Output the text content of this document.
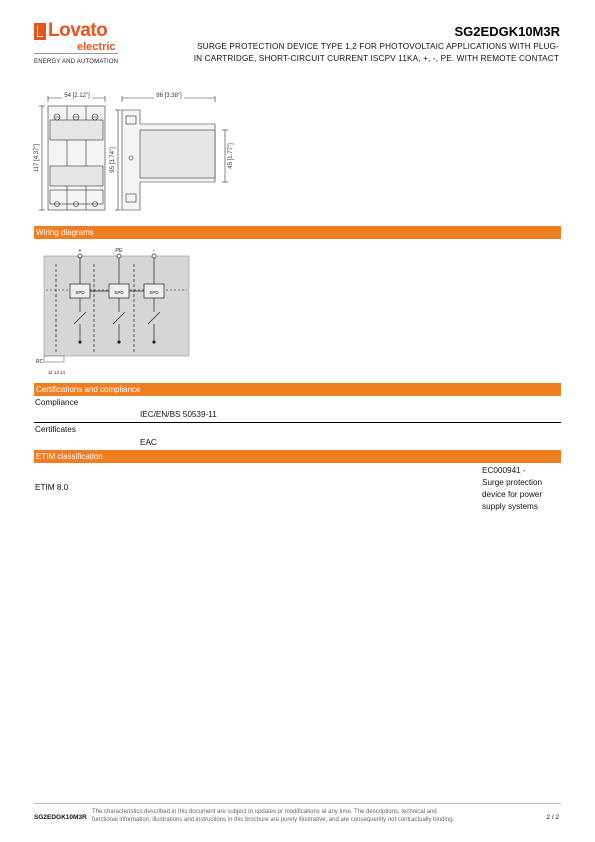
Lovato
electric
ENERGY AND AUTOMATION
SG2EDGK10M3R
SURGE PROTECTION DEVICE TYPE 1,2 FOR PHOTOVOLTAIC APPLICATIONS WITH PLUG-
IN CARTRIDGE, SHORT-CIRCUIT CURRENT ISCPV 11KA, +, -, PE. WITH REMOTE CONTACT
54 [2.12"]	86 [3.38"]
117 [4.37"]	95 [3.74"]	45 [1.77"]
Wiring diagrams
+	PE	-
SPD	SPD	SPD
RC
11 12 14
Certifications and compliance
Compliance
IEC/EN/BS 50539-11
Certificates
EAC
ETIM classification
ETIM 8.0
EC000941 -
Surge protection
device for power
supply systems
SG2EDGK10M3R
The characteristics described in this document are subject to updates or modifications at any time. The descriptions, technical and
functional information, illustrations and instructions in this brochure are purely illustrative, and are consequently not contractually binding.	2 / 2
